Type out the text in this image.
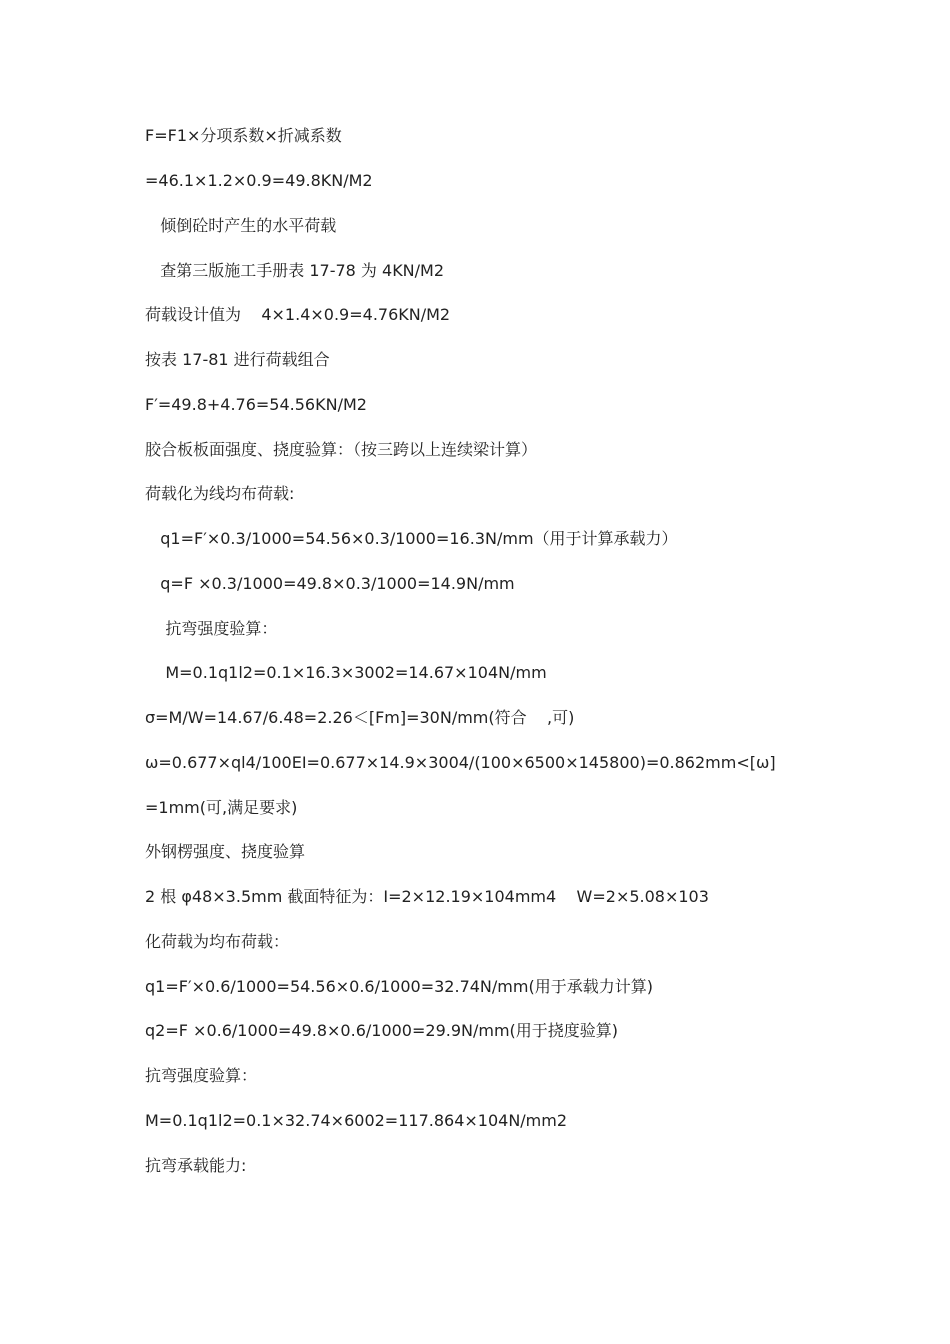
F=F1×分项系数×折减系数
=46.1×1.2×0.9=49.8KN/M2
倾倒砼时产生的水平荷载
查第三版施工手册表 17-78 为 4KN/M2
荷载设计值为    4×1.4×0.9=4.76KN/M2
按表 17-81 进行荷载组合
F′=49.8+4.76=54.56KN/M2
胶合板板面强度、挠度验算：（按三跨以上连续梁计算）
荷载化为线均布荷载:
q1=F′×0.3/1000=54.56×0.3/1000=16.3N/mm（用于计算承载力）
q=F ×0.3/1000=49.8×0.3/1000=14.9N/mm
抗弯强度验算：
M=0.1q1l2=0.1×16.3×3002=14.67×104N/mm
σ=M/W=14.67/6.48=2.26＜[Fm]=30N/mm(符合    ,可)
ω=0.677×ql4/100EI=0.677×14.9×3004/(100×6500×145800)=0.862mm<[ω]
=1mm(可,满足要求)
外钢楞强度、挠度验算
2 根 φ48×3.5mm 截面特征为：I=2×12.19×104mm4    W=2×5.08×103
化荷载为均布荷载：
q1=F′×0.6/1000=54.56×0.6/1000=32.74N/mm(用于承载力计算)
q2=F ×0.6/1000=49.8×0.6/1000=29.9N/mm(用于挠度验算)
抗弯强度验算：
M=0.1q1l2=0.1×32.74×6002=117.864×104N/mm2
抗弯承载能力:
